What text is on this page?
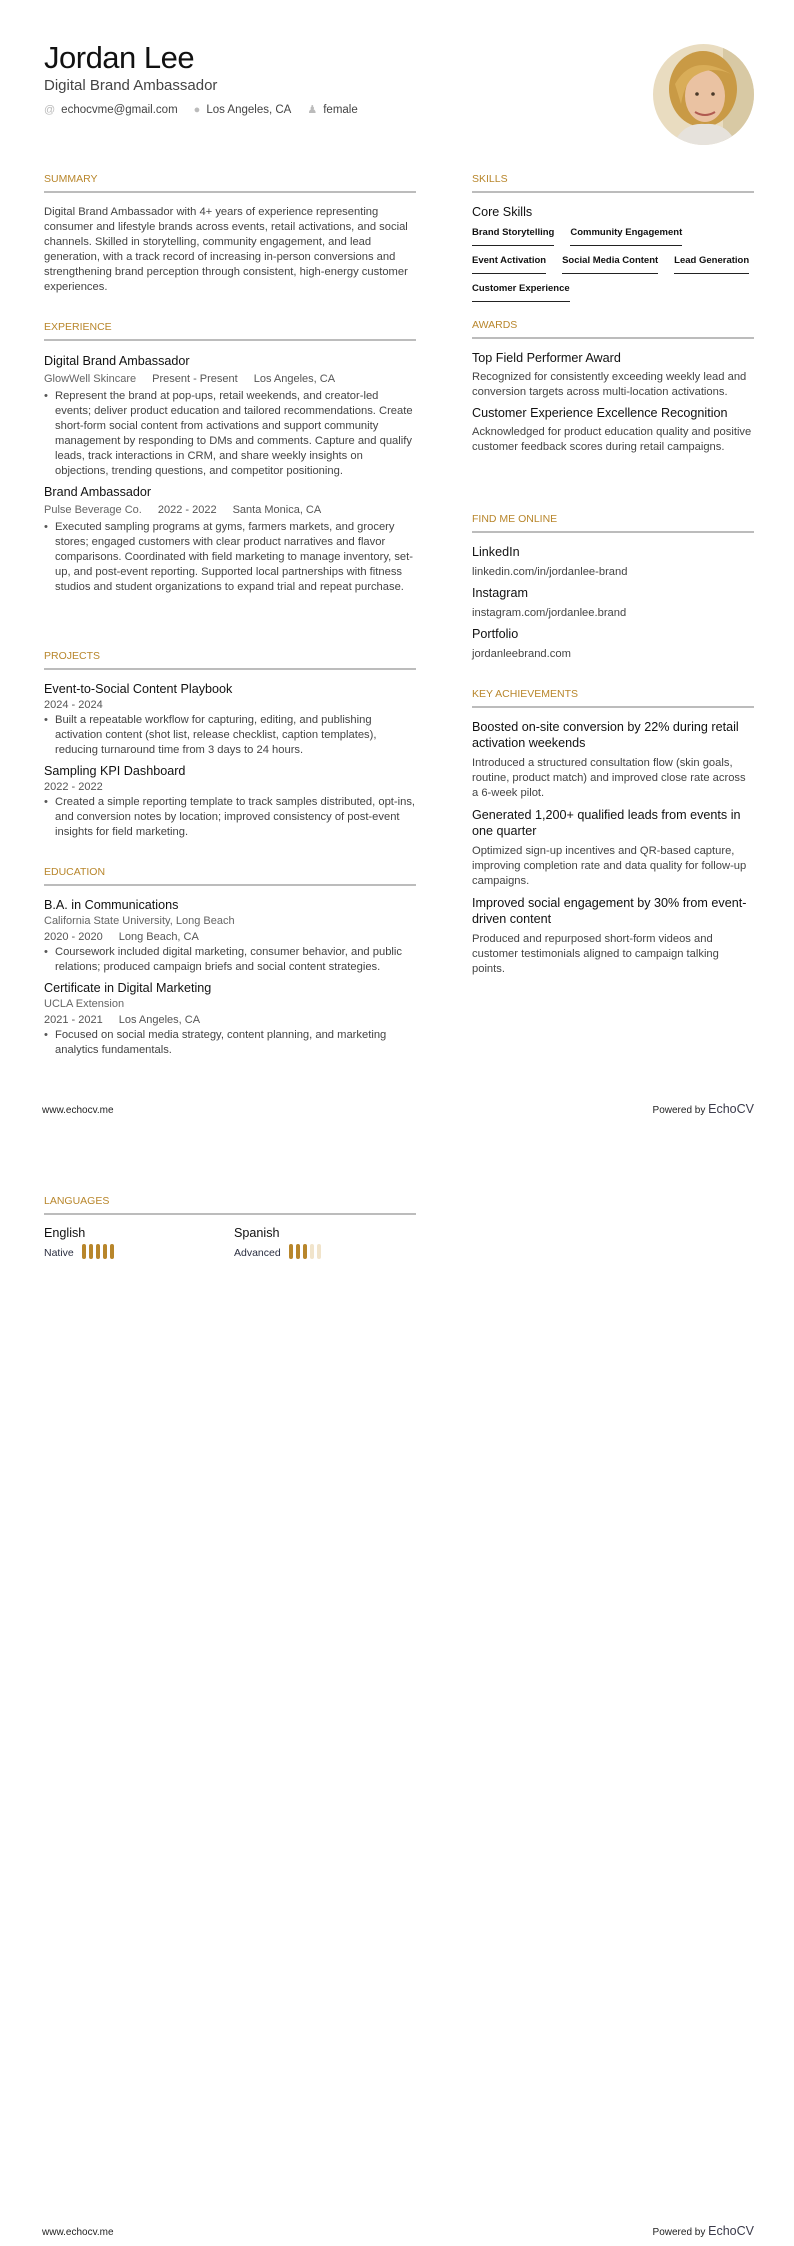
Jordan Lee
Digital Brand Ambassador
@ echocvme@gmail.com ● Los Angeles, CA ♟ female
SUMMARY
Digital Brand Ambassador with 4+ years of experience representing consumer and lifestyle brands across events, retail activations, and social channels. Skilled in storytelling, community engagement, and lead generation, with a track record of increasing in-person conversions and strengthening brand perception through consistent, high-energy customer experiences.
EXPERIENCE
Digital Brand Ambassador
GlowWell Skincare Present - Present Los Angeles, CA
• Represent the brand at pop-ups, retail weekends, and creator-led events; deliver product education and tailored recommendations. Create short-form social content from activations and support community management by responding to DMs and comments. Capture and qualify leads, track interactions in CRM, and share weekly insights on objections, trending questions, and competitor positioning.
Brand Ambassador
Pulse Beverage Co. 2022 - 2022 Santa Monica, CA
• Executed sampling programs at gyms, farmers markets, and grocery stores; engaged customers with clear product narratives and flavor comparisons. Coordinated with field marketing to manage inventory, set-up, and post-event reporting. Supported local partnerships with fitness studios and student organizations to expand trial and repeat purchase.
PROJECTS
Event-to-Social Content Playbook
2024 - 2024
• Built a repeatable workflow for capturing, editing, and publishing activation content (shot list, release checklist, caption templates), reducing turnaround time from 3 days to 24 hours.
Sampling KPI Dashboard
2022 - 2022
• Created a simple reporting template to track samples distributed, opt-ins, and conversion notes by location; improved consistency of post-event insights for field marketing.
EDUCATION
B.A. in Communications
California State University, Long Beach
2020 - 2020 Long Beach, CA
• Coursework included digital marketing, consumer behavior, and public relations; produced campaign briefs and social content strategies.
Certificate in Digital Marketing
UCLA Extension
2021 - 2021 Los Angeles, CA
• Focused on social media strategy, content planning, and marketing analytics fundamentals.
SKILLS
Core Skills
Brand Storytelling Community Engagement
Event Activation Social Media Content Lead Generation
Customer Experience
AWARDS
Top Field Performer Award
Recognized for consistently exceeding weekly lead and conversion targets across multi-location activations.
Customer Experience Excellence Recognition
Acknowledged for product education quality and positive customer feedback scores during retail campaigns.
FIND ME ONLINE
LinkedIn
linkedin.com/in/jordanlee-brand
Instagram
instagram.com/jordanlee.brand
Portfolio
jordanleebrand.com
KEY ACHIEVEMENTS
Boosted on-site conversion by 22% during retail activation weekends
Introduced a structured consultation flow (skin goals, routine, product match) and improved close rate across a 6-week pilot.
Generated 1,200+ qualified leads from events in one quarter
Optimized sign-up incentives and QR-based capture, improving completion rate and data quality for follow-up campaigns.
Improved social engagement by 30% from event-driven content
Produced and repurposed short-form videos and customer testimonials aligned to campaign talking points.
www.echocv.me	Powered by EchoCV
LANGUAGES
English
Native
Spanish
Advanced
www.echocv.me	Powered by EchoCV
